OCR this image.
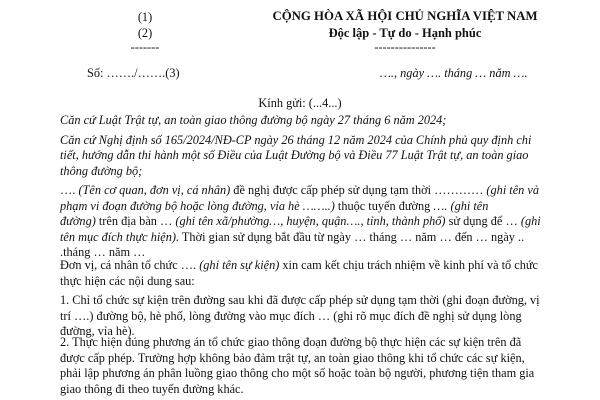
(1)
(2)
-------
CỘNG HÒA XÃ HỘI CHỦ NGHĨA VIỆT NAM
Độc lập - Tự do - Hạnh phúc
---------------
Số: ……./…….(3)	…., ngày …. tháng … năm ….
Kính gửi: (...4...)
Căn cứ Luật Trật tự, an toàn giao thông đường bộ ngày 27 tháng 6 năm 2024;
Căn cứ Nghị định số 165/2024/NĐ-CP ngày 26 tháng 12 năm 2024 của Chính phủ quy định chi
tiết, hướng dẫn thi hành một số Điều của Luật Đường bộ và Điều 77 Luật Trật tự, an toàn giao
thông đường bộ;
…. (Tên cơ quan, đơn vị, cá nhân) đề nghị được cấp phép sử dụng tạm thời ………… (ghi tên và
phạm vi đoạn đường bộ hoặc lòng đường, vỉa hè ……..) thuộc tuyến đường …. (ghi tên
đường) trên địa bàn … (ghi tên xã/phường…, huyện, quận…., tỉnh, thành phố) sử dụng để … (ghi
tên mục đích thực hiện). Thời gian sử dụng bắt đầu từ ngày … tháng … năm … đến … ngày ..
.tháng … năm …
Đơn vị, cá nhân tổ chức …. (ghi tên sự kiện) xin cam kết chịu trách nhiệm về kinh phí và tổ chức
thực hiện các nội dung sau:
1. Chỉ tổ chức sự kiện trên đường sau khi đã được cấp phép sử dụng tạm thời (ghi đoạn đường, vị
trí ….) đường bộ, hè phố, lòng đường vào mục đích … (ghi rõ mục đích đề nghị sử dụng lòng
đường, vỉa hè).
2. Thực hiện đúng phương án tổ chức giao thông đoạn đường bộ thực hiện các sự kiện trên đã
được cấp phép. Trường hợp không bảo đảm trật tự, an toàn giao thông khi tổ chức các sự kiện,
phải lập phương án phân luồng giao thông cho một số hoặc toàn bộ người, phương tiện tham gia
giao thông đi theo tuyến đường khác.
